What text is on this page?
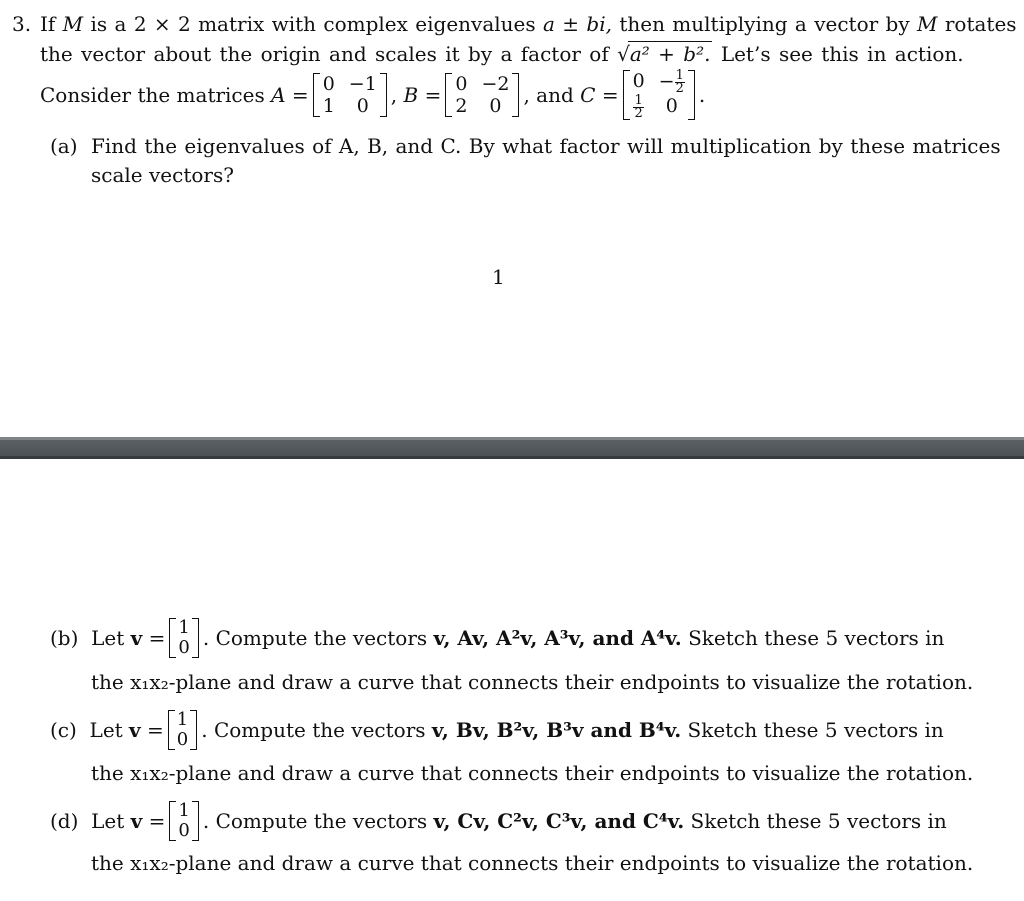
3. If M is a 2 × 2 matrix with complex eigenvalues a ± bi, then multiplying a vector by M rotates
the vector about the origin and scales it by a factor of √a² + b². Let’s see this in action.
Consider the matrices
A
= 0 −1
1	0	,
B
= 0 −2
2	0	,
and
C
=
$0 - \frac{1}{2}$
$\frac{1}{2}$	0	.
(a) Find the eigenvalues of A, B, and C. By what factor will multiplication by these matrices
scale vectors?
1
(b)
Let
v
= 1
0 . Compute the vectors
v, Av, A²v, A³v, and A⁴v.
Sketch these 5 vectors in
the x₁x₂-plane and draw a curve that connects their endpoints to visualize the rotation.
(c)
Let
v
= 1
0 . Compute the vectors
v, Bv, B²v, B³v and B⁴v.
Sketch these 5 vectors in
the x₁x₂-plane and draw a curve that connects their endpoints to visualize the rotation.
(d)
Let
v
= 1
0 . Compute the vectors
v, Cv, C²v, C³v, and C⁴v.
Sketch these 5 vectors in
the x₁x₂-plane and draw a curve that connects their endpoints to visualize the rotation.
